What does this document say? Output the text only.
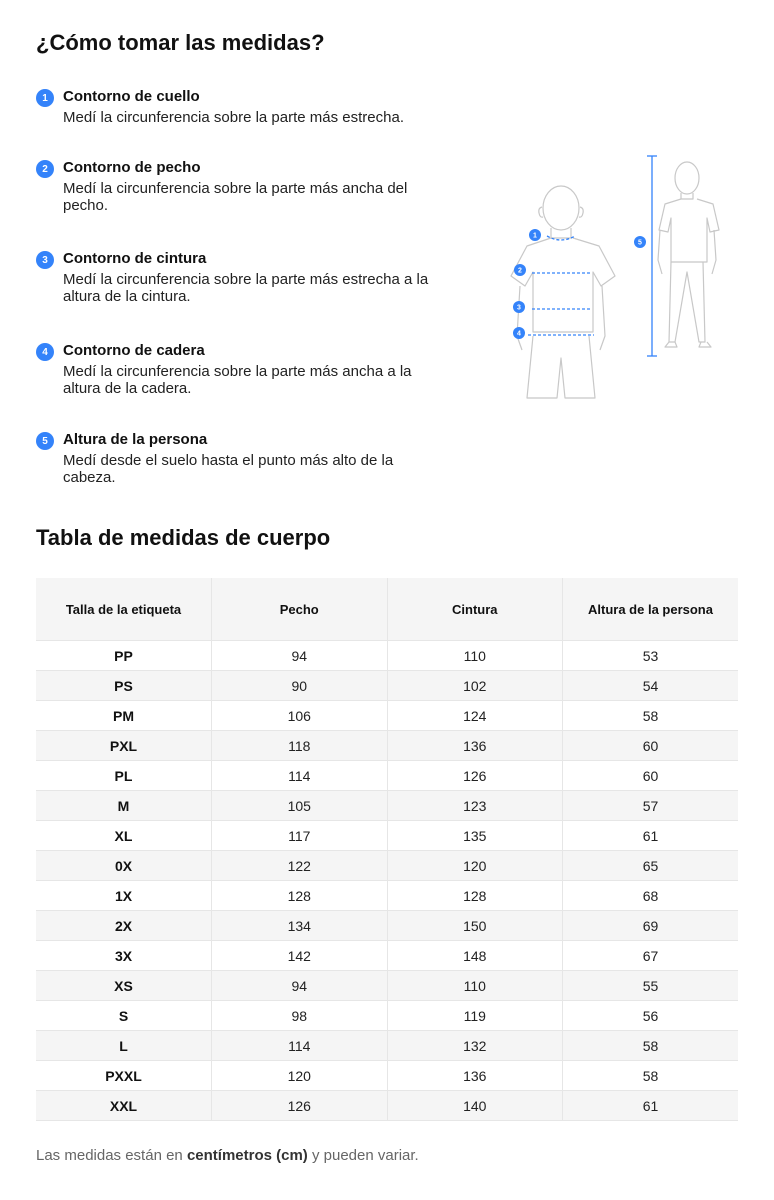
¿Cómo tomar las medidas?
1	Contorno de cuello
Medí la circunferencia sobre la parte más estrecha.
2	Contorno de pecho
Medí la circunferencia sobre la parte más ancha del pecho.
3	Contorno de cintura
Medí la circunferencia sobre la parte más estrecha a la altura de la cintura.
4	Contorno de cadera
Medí la circunferencia sobre la parte más ancha a la altura de la cadera.
5	Altura de la persona
Medí desde el suelo hasta el punto más alto de la cabeza.
1
2
3
4
5
Tabla de medidas de cuerpo
Talla de la etiqueta	Pecho	Cintura	Altura de la persona
PP	94	110	53
PS	90	102	54
PM	106	124	58
PXL	118	136	60
PL	114	126	60
M	105	123	57
XL	117	135	61
0X	122	120	65
1X	128	128	68
2X	134	150	69
3X	142	148	67
XS	94	110	55
S	98	119	56
L	114	132	58
PXXL	120	136	58
XXL	126	140	61
Las medidas están en centímetros (cm) y pueden variar.
